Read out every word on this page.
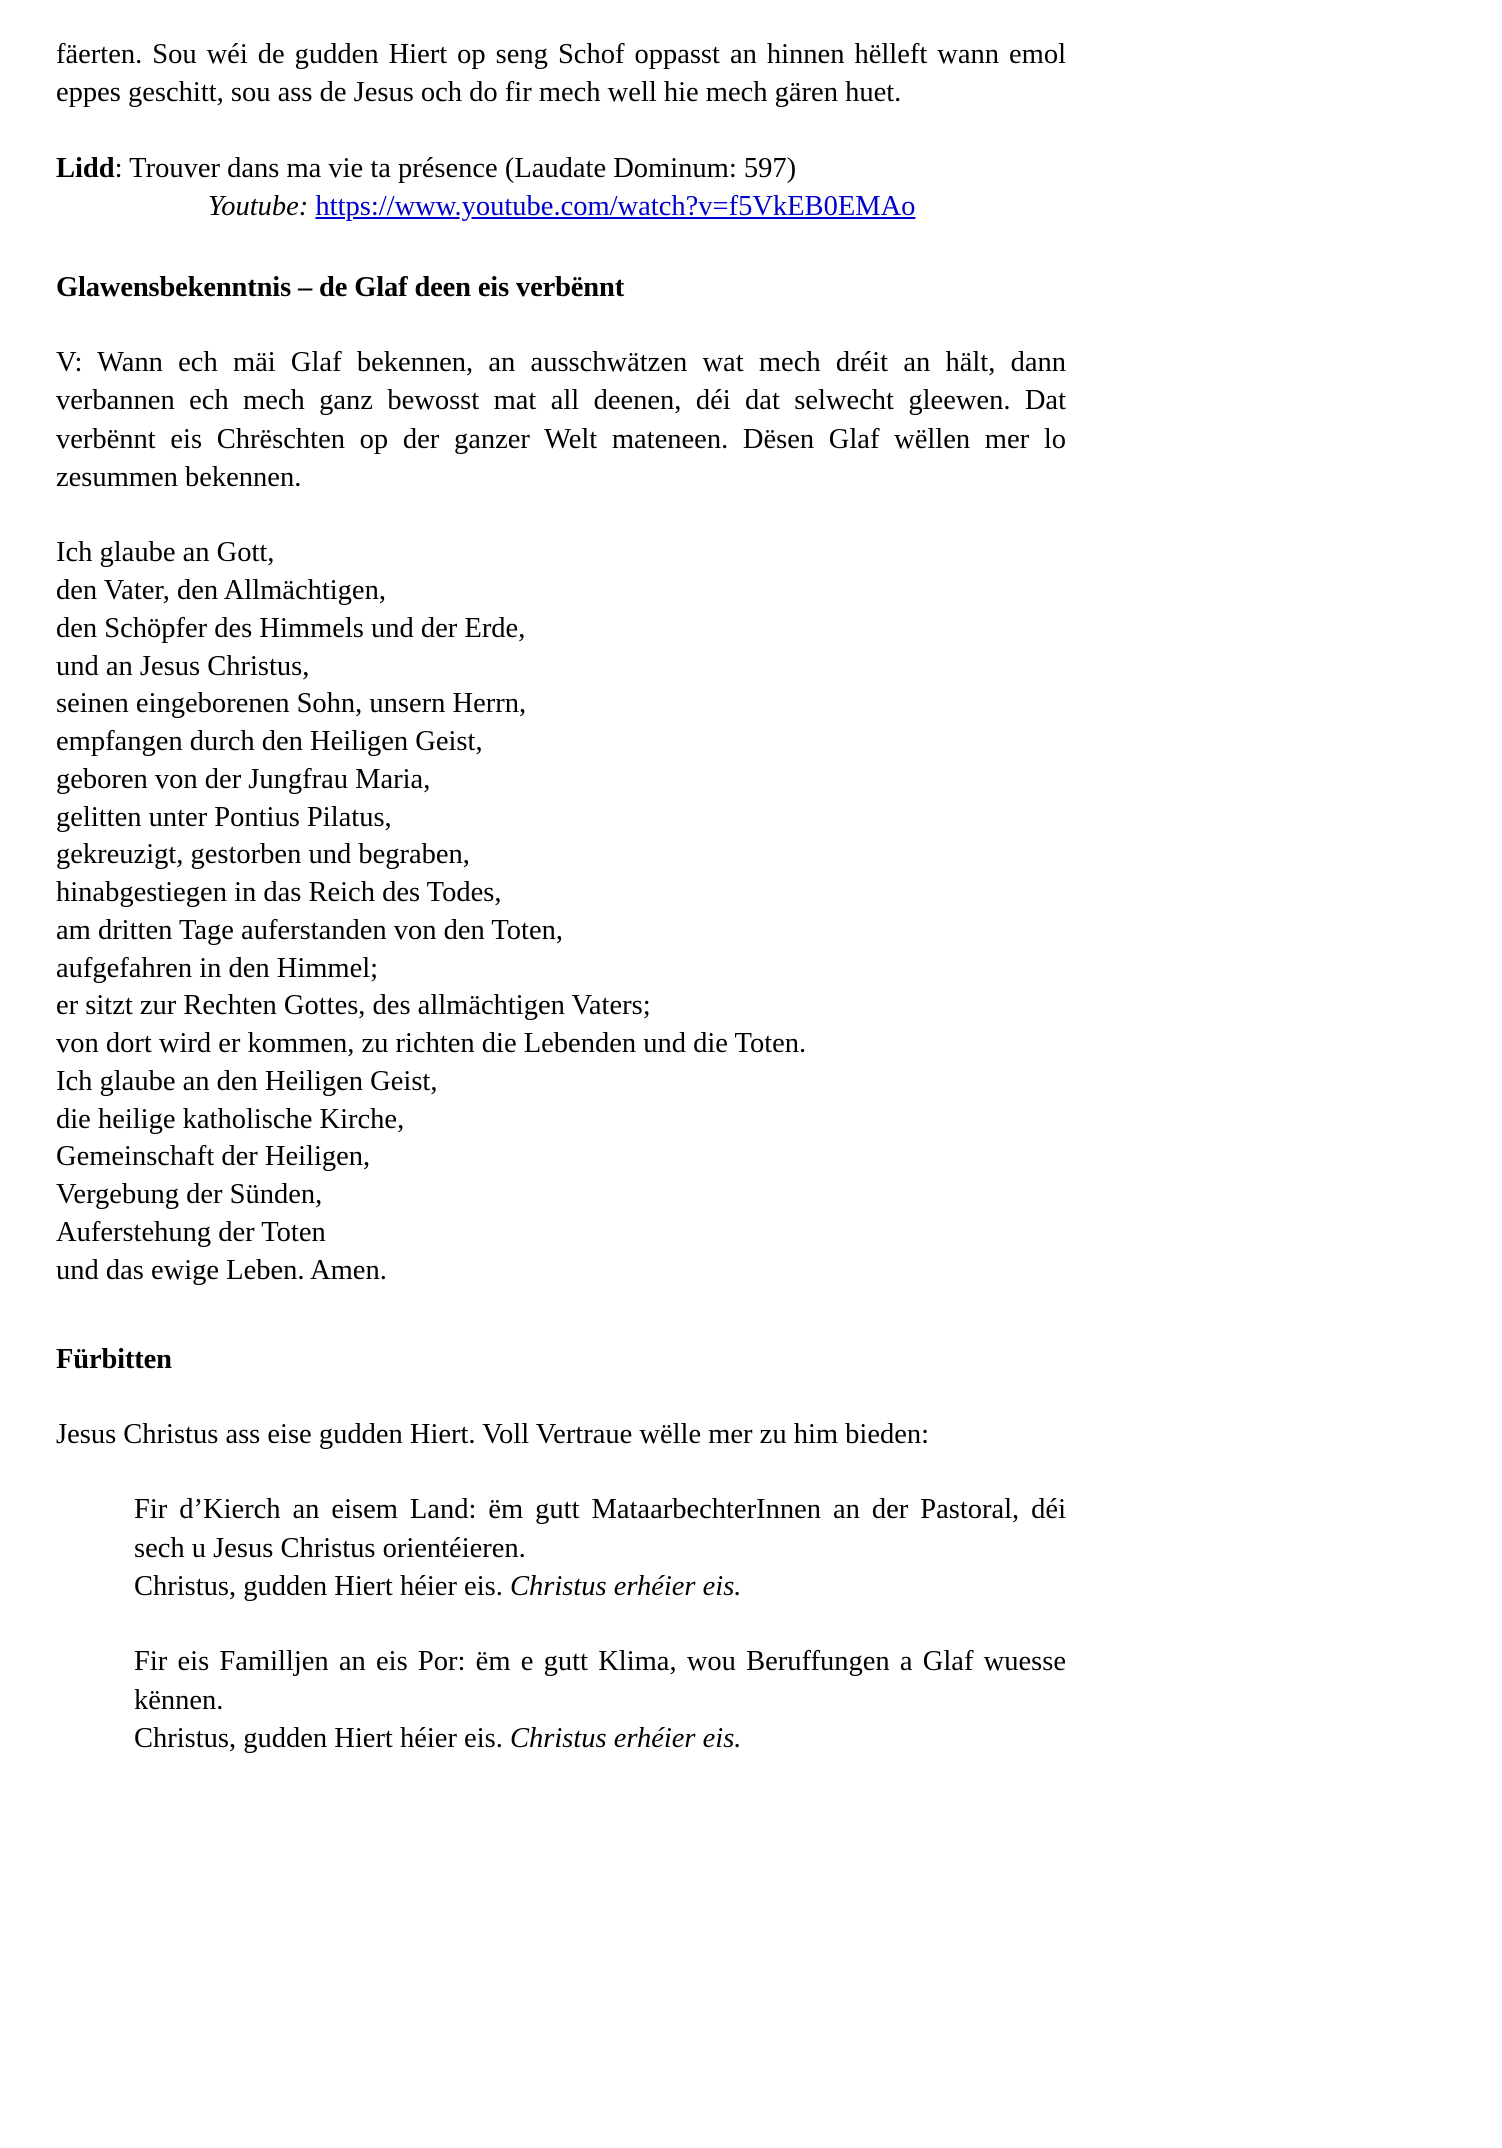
fäerten. Sou wéi de gudden Hiert op seng Schof oppasst an hinnen hëlleft wann emol eppes geschitt, sou ass de Jesus och do fir mech well hie mech gären huet.

Lidd: Trouver dans ma vie ta présence (Laudate Dominum: 597)
Youtube: https://www.youtube.com/watch?v=f5VkEB0EMAo
Glawensbekenntnis – de Glaf deen eis verbënnt

V: Wann ech mäi Glaf bekennen, an ausschwätzen wat mech dréit an hält, dann verbannen ech mech ganz bewosst mat all deenen, déi dat selwecht gleewen. Dat verbënnt eis Chrëschten op der ganzer Welt mateneen. Dësen Glaf wëllen mer lo zesummen bekennen.

Ich glaube an Gott,
den Vater, den Allmächtigen,
den Schöpfer des Himmels und der Erde,
und an Jesus Christus,
seinen eingeborenen Sohn, unsern Herrn,
empfangen durch den Heiligen Geist,
geboren von der Jungfrau Maria,
gelitten unter Pontius Pilatus,
gekreuzigt, gestorben und begraben,
hinabgestiegen in das Reich des Todes,
am dritten Tage auferstanden von den Toten,
aufgefahren in den Himmel;
er sitzt zur Rechten Gottes, des allmächtigen Vaters;
von dort wird er kommen, zu richten die Lebenden und die Toten.
Ich glaube an den Heiligen Geist,
die heilige katholische Kirche,
Gemeinschaft der Heiligen,
Vergebung der Sünden,
Auferstehung der Toten
und das ewige Leben. Amen.
Fürbitten

Jesus Christus ass eise gudden Hiert. Voll Vertraue wëlle mer zu him bieden:

Fir d’Kierch an eisem Land: ëm gutt MataarbechterInnen an der Pastoral, déi sech u Jesus Christus orientéieren.
Christus, gudden Hiert héier eis. Christus erhéier eis.
Fir eis Familljen an eis Por: ëm e gutt Klima, wou Beruffungen a Glaf wuesse kënnen.
Christus, gudden Hiert héier eis. Christus erhéier eis.
